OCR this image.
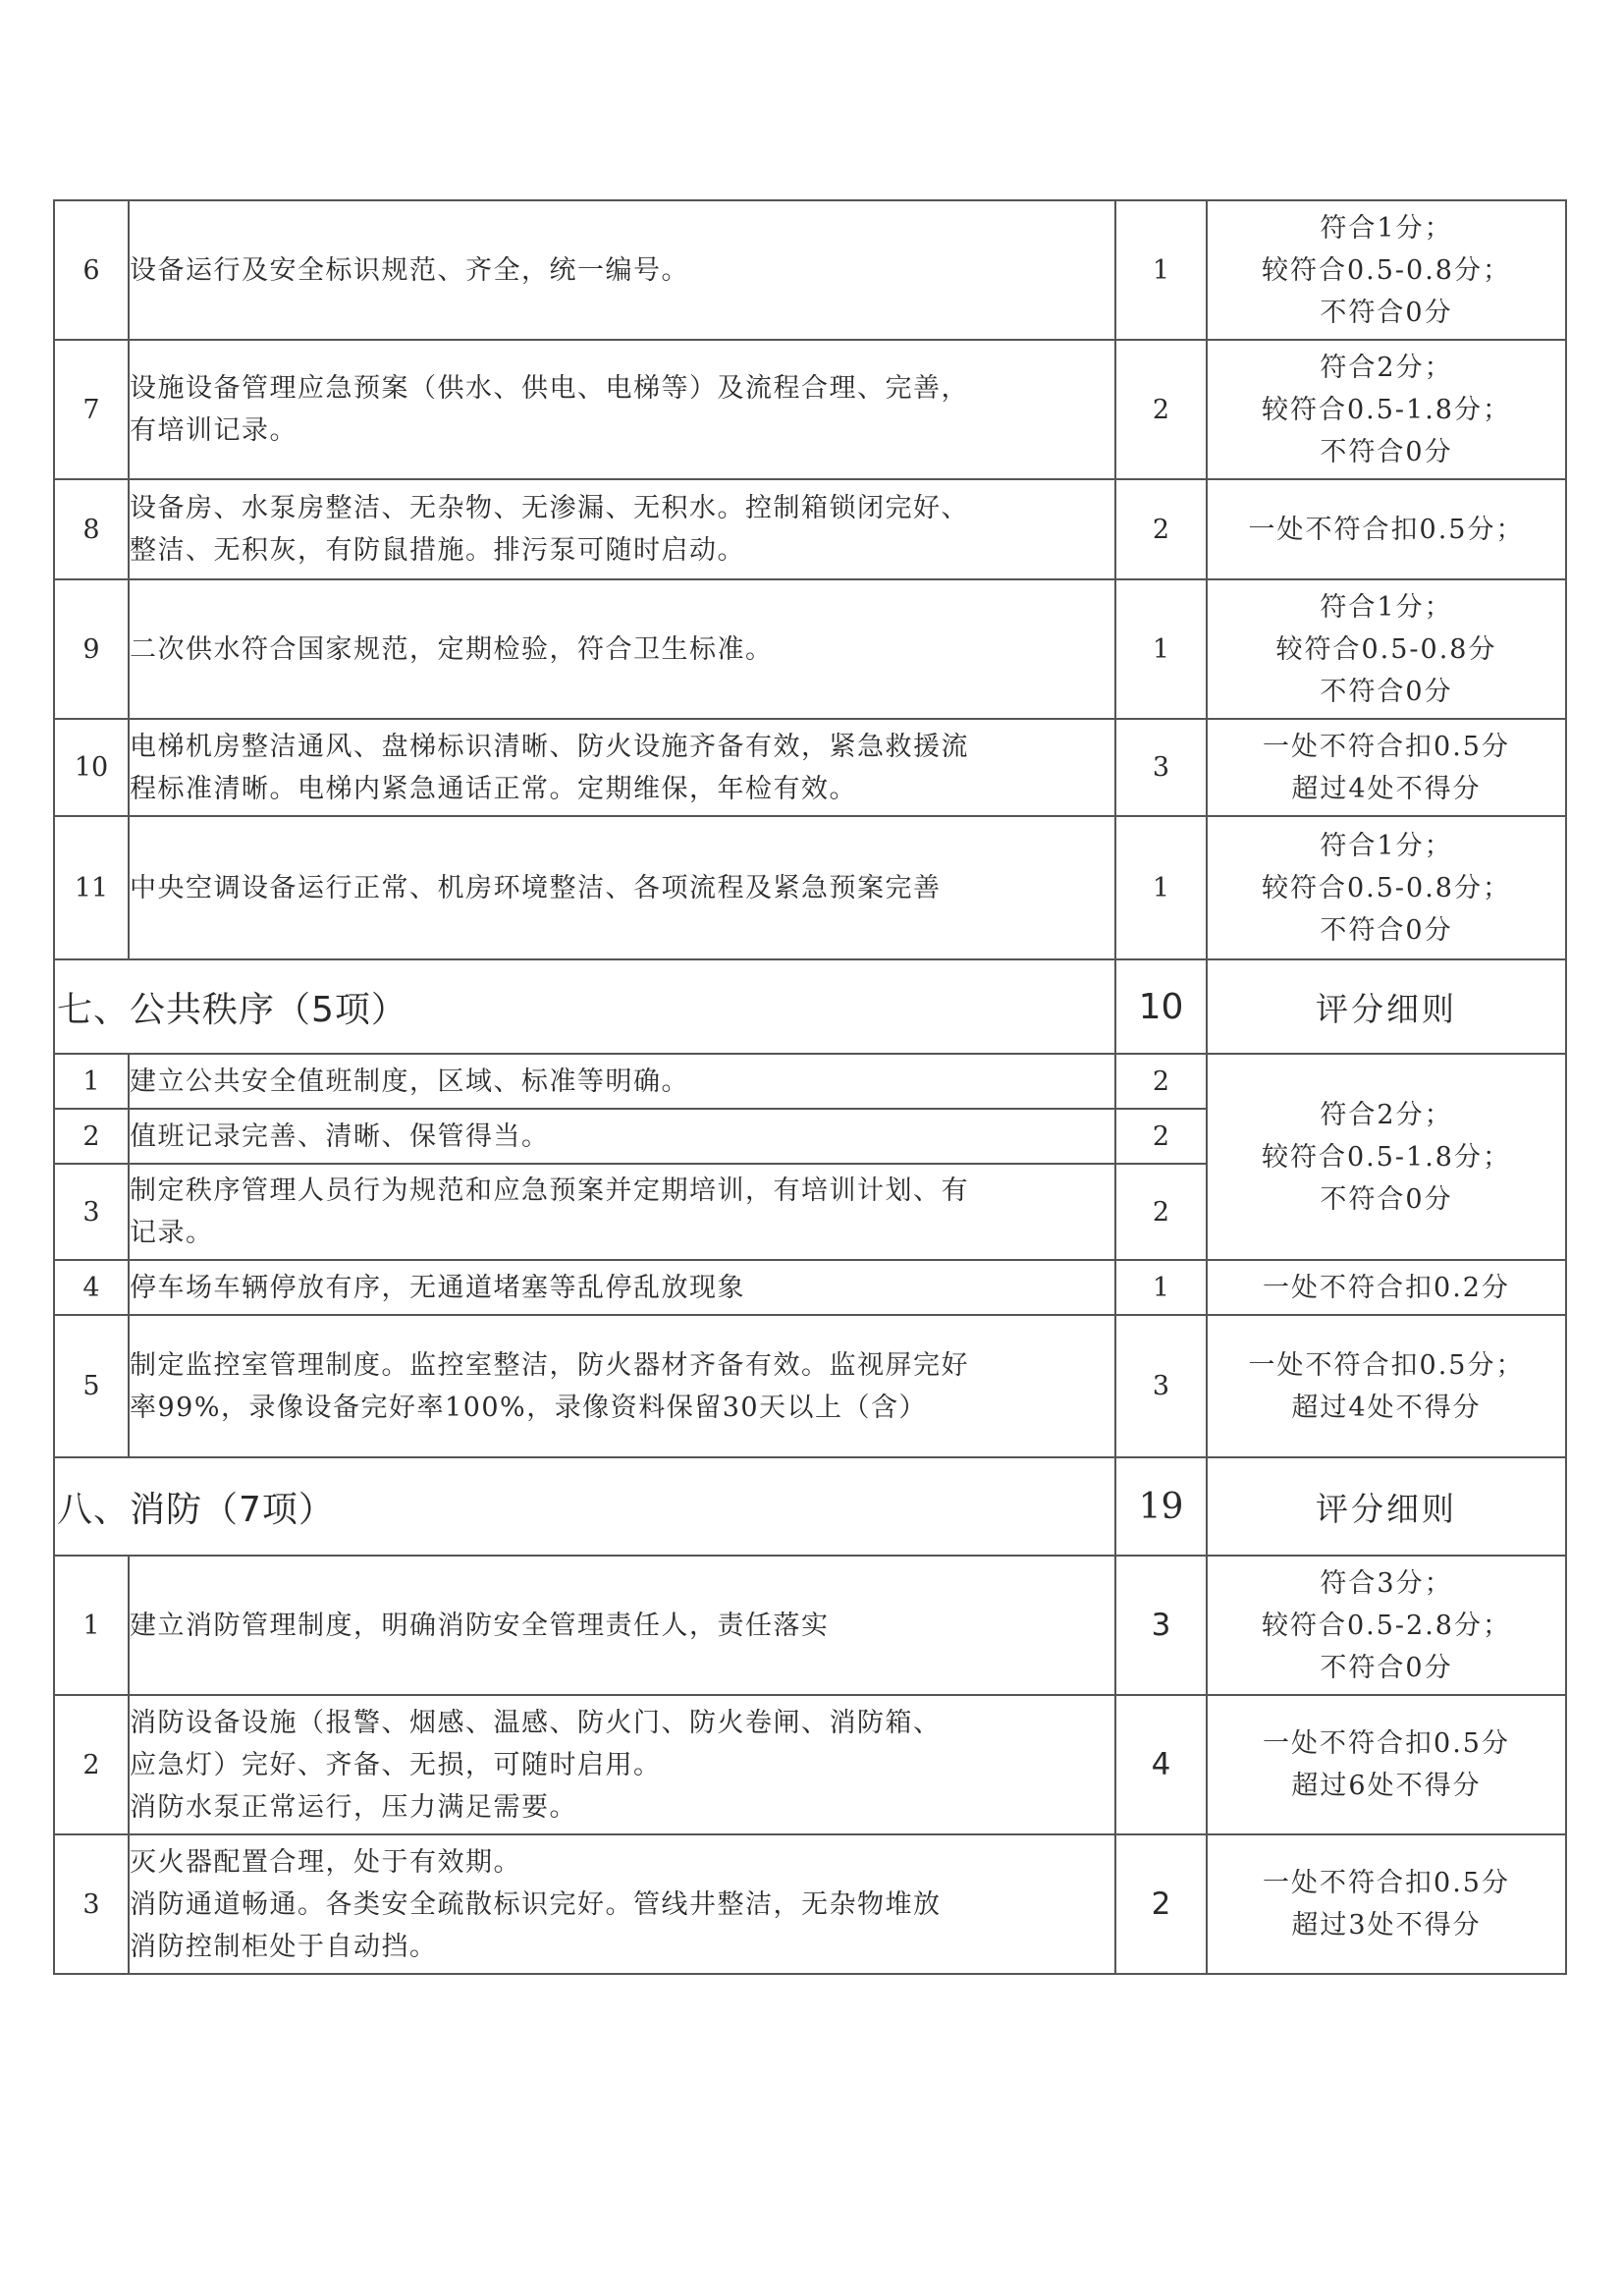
6	设备运行及安全标识规范、齐全，统一编号。	1	符合1分；
较符合0.5-0.8分；
不符合0分

7	设施设备管理应急预案（供水、供电、电梯等）及流程合理、完善，
有培训记录。	2	符合2分；
较符合0.5-1.8分；
不符合0分

8	设备房、水泵房整洁、无杂物、无渗漏、无积水。控制箱锁闭完好、
整洁、无积灰，有防鼠措施。排污泵可随时启动。	2	一处不符合扣0.5分；

9	二次供水符合国家规范，定期检验，符合卫生标准。	1	符合1分；
较符合0.5-0.8分
不符合0分

10	电梯机房整洁通风、盘梯标识清晰、防火设施齐备有效，紧急救援流
程标准清晰。电梯内紧急通话正常。定期维保，年检有效。	3	一处不符合扣0.5分
超过4处不得分

11	中央空调设备运行正常、机房环境整洁、各项流程及紧急预案完善	1	符合1分；
较符合0.5-0.8分；
不符合0分

七、公共秩序（5项）		10	评分细则
1	建立公共安全值班制度，区域、标准等明确。	2	符合2分；
较符合0.5-1.8分；
不符合0分

2	值班记录完善、清晰、保管得当。	2	
3	制定秩序管理人员行为规范和应急预案并定期培训，有培训计划、有
记录。	2	
4	停车场车辆停放有序，无通道堵塞等乱停乱放现象	1	一处不符合扣0.2分

5	制定监控室管理制度。监控室整洁，防火器材齐备有效。监视屏完好
率99%，录像设备完好率100%，录像资料保留30天以上（含）	3	一处不符合扣0.5分；
超过4处不得分

八、消防（7项）		19	评分细则
1	建立消防管理制度，明确消防安全管理责任人，责任落实	3	符合3分；
较符合0.5-2.8分；
不符合0分

2	消防设备设施（报警、烟感、温感、防火门、防火卷闸、消防箱、
应急灯）完好、齐备、无损，可随时启用。
消防水泵正常运行，压力满足需要。	4	一处不符合扣0.5分
超过6处不得分

3	灭火器配置合理，处于有效期。
消防通道畅通。各类安全疏散标识完好。管线井整洁，无杂物堆放
消防控制柜处于自动挡。	2	一处不符合扣0.5分
超过3处不得分
